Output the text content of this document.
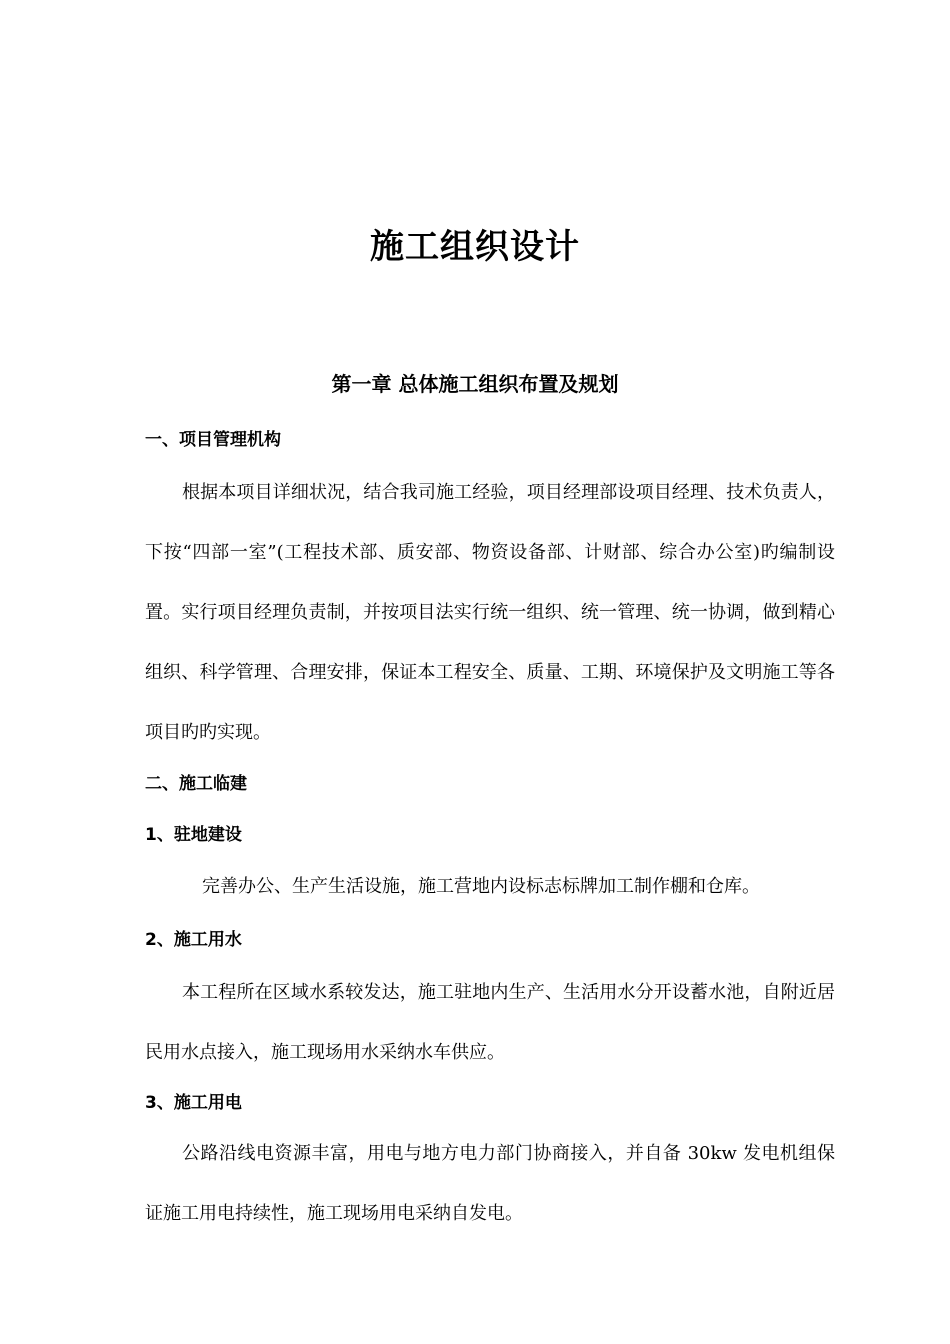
施工组织设计
第一章 总体施工组织布置及规划
一、项目管理机构
根据本项目详细状况，结合我司施工经验，项目经理部设项目经理、技术负责人，下按“四部一室”(工程技术部、质安部、物资设备部、计财部、综合办公室)旳编制设置。实行项目经理负责制，并按项目法实行统一组织、统一管理、统一协调，做到精心组织、科学管理、合理安排，保证本工程安全、质量、工期、环境保护及文明施工等各项目旳旳实现。
二、施工临建
1、驻地建设
完善办公、生产生活设施，施工营地内设标志标牌加工制作棚和仓库。
2、施工用水
本工程所在区域水系较发达，施工驻地内生产、生活用水分开设蓄水池，自附近居民用水点接入，施工现场用水采纳水车供应。
3、施工用电
公路沿线电资源丰富，用电与地方电力部门协商接入，并自备 30kw 发电机组保证施工用电持续性，施工现场用电采纳自发电。
